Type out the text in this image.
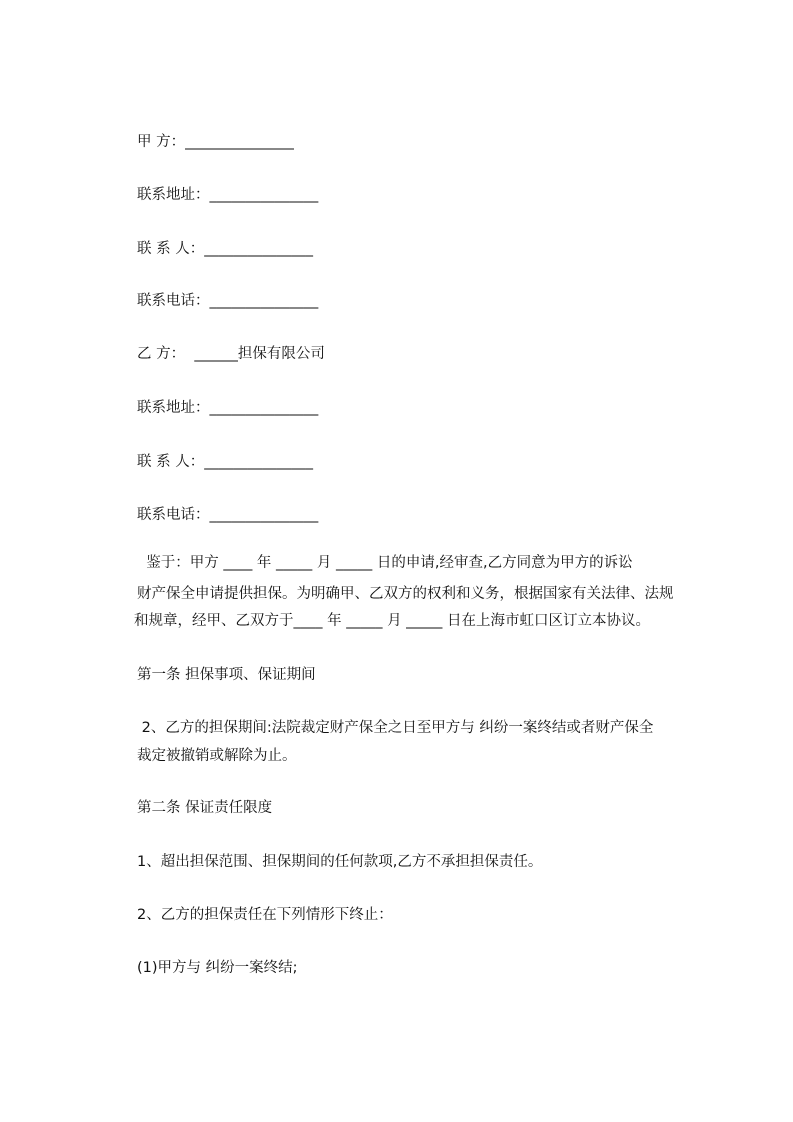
甲 方：_______________
联系地址：_______________
联 系 人：_______________
联系电话：_______________
乙 方：  ______担保有限公司
联系地址：_______________
联 系 人：_______________
联系电话：_______________
鉴于：甲方 ____ 年 _____ 月 _____ 日的申请,经审查,乙方同意为甲方的诉讼
财产保全申请提供担保。为明确甲、乙双方的权利和义务，根据国家有关法律、法规
和规章，经甲、乙双方于____ 年 _____ 月 _____ 日在上海市虹口区订立本协议。
第一条 担保事项、保证期间
2、乙方的担保期间:法院裁定财产保全之日至甲方与 纠纷一案终结或者财产保全
裁定被撤销或解除为止。
第二条 保证责任限度
1、超出担保范围、担保期间的任何款项,乙方不承担担保责任。
2、乙方的担保责任在下列情形下终止：
(1)甲方与 纠纷一案终结;
